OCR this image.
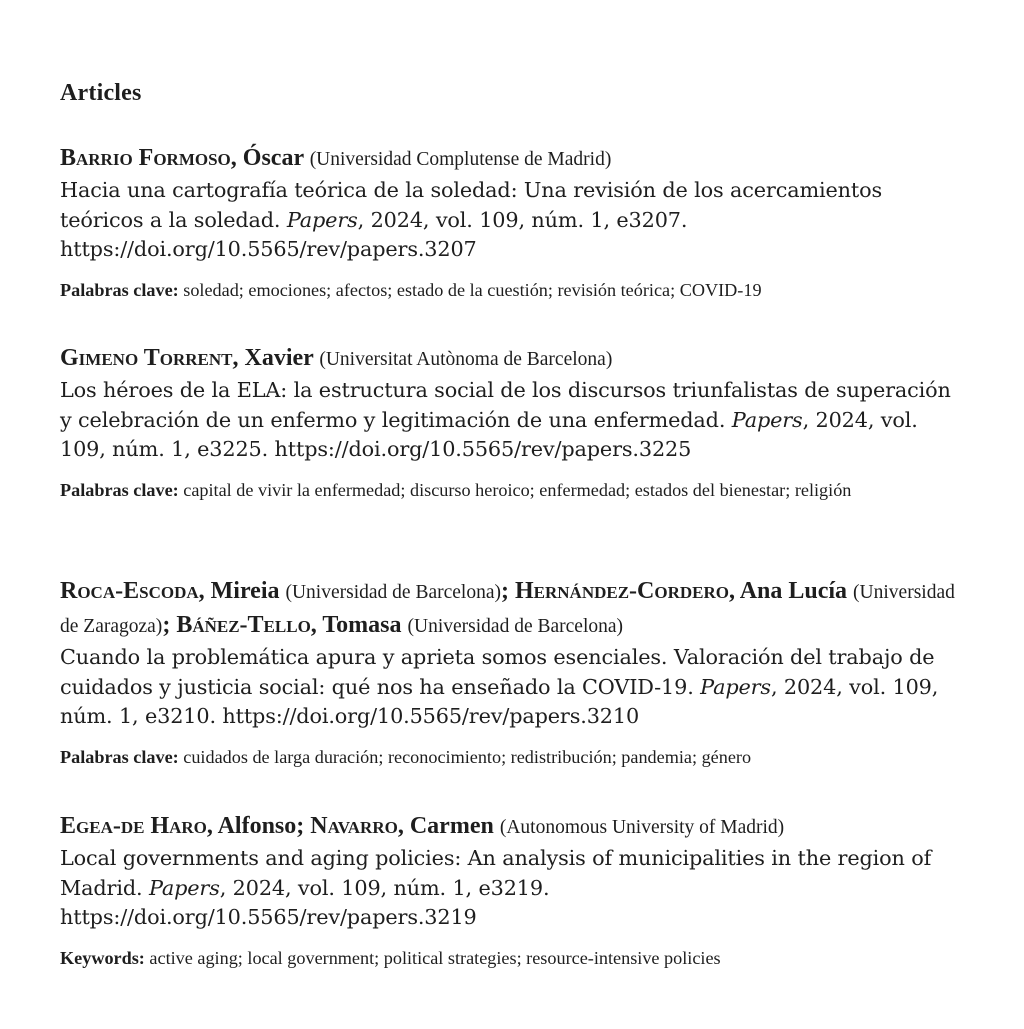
Articles
Barrio Formoso, Óscar (Universidad Complutense de Madrid)
Hacia una cartografía teórica de la soledad: Una revisión de los acercamientos teóricos a la soledad. Papers, 2024, vol. 109, núm. 1, e3207. https://doi.org/10.5565/rev/papers.3207
Palabras clave: soledad; emociones; afectos; estado de la cuestión; revisión teórica; COVID-19
Gimeno Torrent, Xavier (Universitat Autònoma de Barcelona)
Los héroes de la ELA: la estructura social de los discursos triunfalistas de superación y celebración de un enfermo y legitimación de una enfermedad. Papers, 2024, vol. 109, núm. 1, e3225. https://doi.org/10.5565/rev/papers.3225
Palabras clave: capital de vivir la enfermedad; discurso heroico; enfermedad; estados del bienestar; religión
Roca-Escoda, Mireia (Universidad de Barcelona); Hernández-Cordero, Ana Lucía (Universidad de Zaragoza); Báñez-Tello, Tomasa (Universidad de Barcelona)
Cuando la problemática apura y aprieta somos esenciales. Valoración del trabajo de cuidados y justicia social: qué nos ha enseñado la COVID-19. Papers, 2024, vol. 109, núm. 1, e3210. https://doi.org/10.5565/rev/papers.3210
Palabras clave: cuidados de larga duración; reconocimiento; redistribución; pandemia; género
Egea-de Haro, Alfonso; Navarro, Carmen (Autonomous University of Madrid)
Local governments and aging policies: An analysis of municipalities in the region of Madrid. Papers, 2024, vol. 109, núm. 1, e3219. https://doi.org/10.5565/rev/papers.3219
Keywords: active aging; local government; political strategies; resource-intensive policies
